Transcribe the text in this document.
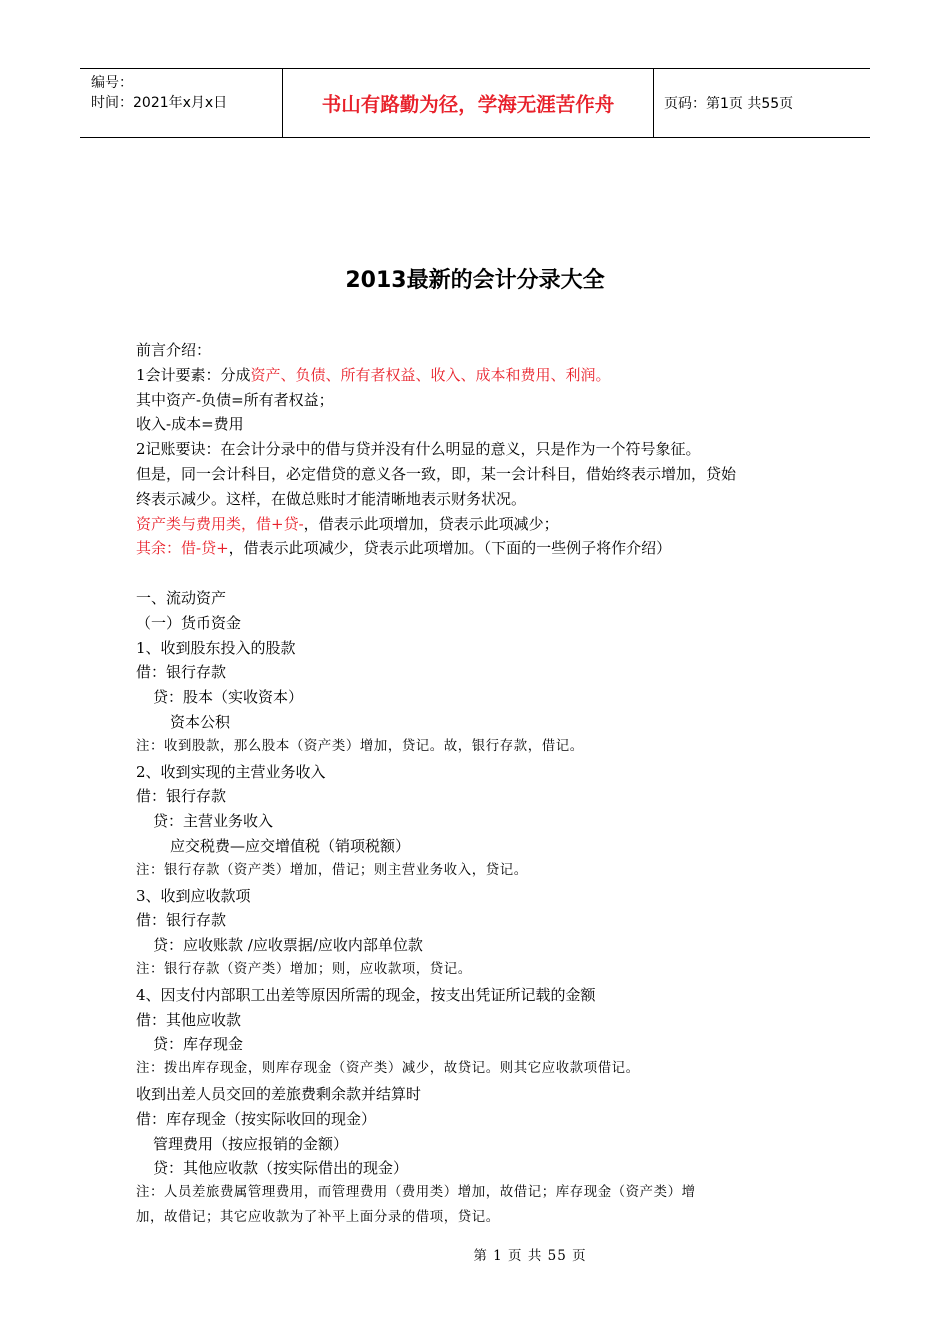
编号：
时间：2021年x月x日	书山有路勤为径，学海无涯苦作舟	页码：第1页 共55页
2013最新的会计分录大全
前言介绍：
1会计要素：分成资产、负债、所有者权益、收入、成本和费用、利润。
其中资产-负债=所有者权益；
收入-成本=费用
2记账要诀：在会计分录中的借与贷并没有什么明显的意义，只是作为一个符号象征。
但是，同一会计科目，必定借贷的意义各一致，即，某一会计科目，借始终表示增加，贷始
终表示减少。这样，在做总账时才能清晰地表示财务状况。
资产类与费用类，借+贷-，借表示此项增加，贷表示此项减少；
其余：借-贷+，借表示此项减少，贷表示此项增加。（下面的一些例子将作介绍）
一、流动资产
（一）货币资金
1、收到股东投入的股款
借：银行存款
贷：股本（实收资本）
资本公积
注：收到股款，那么股本（资产类）增加，贷记。故，银行存款，借记。
2、收到实现的主营业务收入
借：银行存款
贷：主营业务收入
应交税费—应交增值税（销项税额）
注：银行存款（资产类）增加，借记；则主营业务收入，贷记。
3、收到应收款项
借：银行存款
贷：应收账款 /应收票据/应收内部单位款
注：银行存款（资产类）增加；则，应收款项，贷记。
4、因支付内部职工出差等原因所需的现金，按支出凭证所记载的金额
借：其他应收款
贷：库存现金
注：拨出库存现金，则库存现金（资产类）减少，故贷记。则其它应收款项借记。
收到出差人员交回的差旅费剩余款并结算时
借：库存现金（按实际收回的现金）
管理费用（按应报销的金额）
贷：其他应收款（按实际借出的现金）
注：人员差旅费属管理费用，而管理费用（费用类）增加，故借记；库存现金（资产类）增
加，故借记；其它应收款为了补平上面分录的借项，贷记。
第 1 页 共 55 页
